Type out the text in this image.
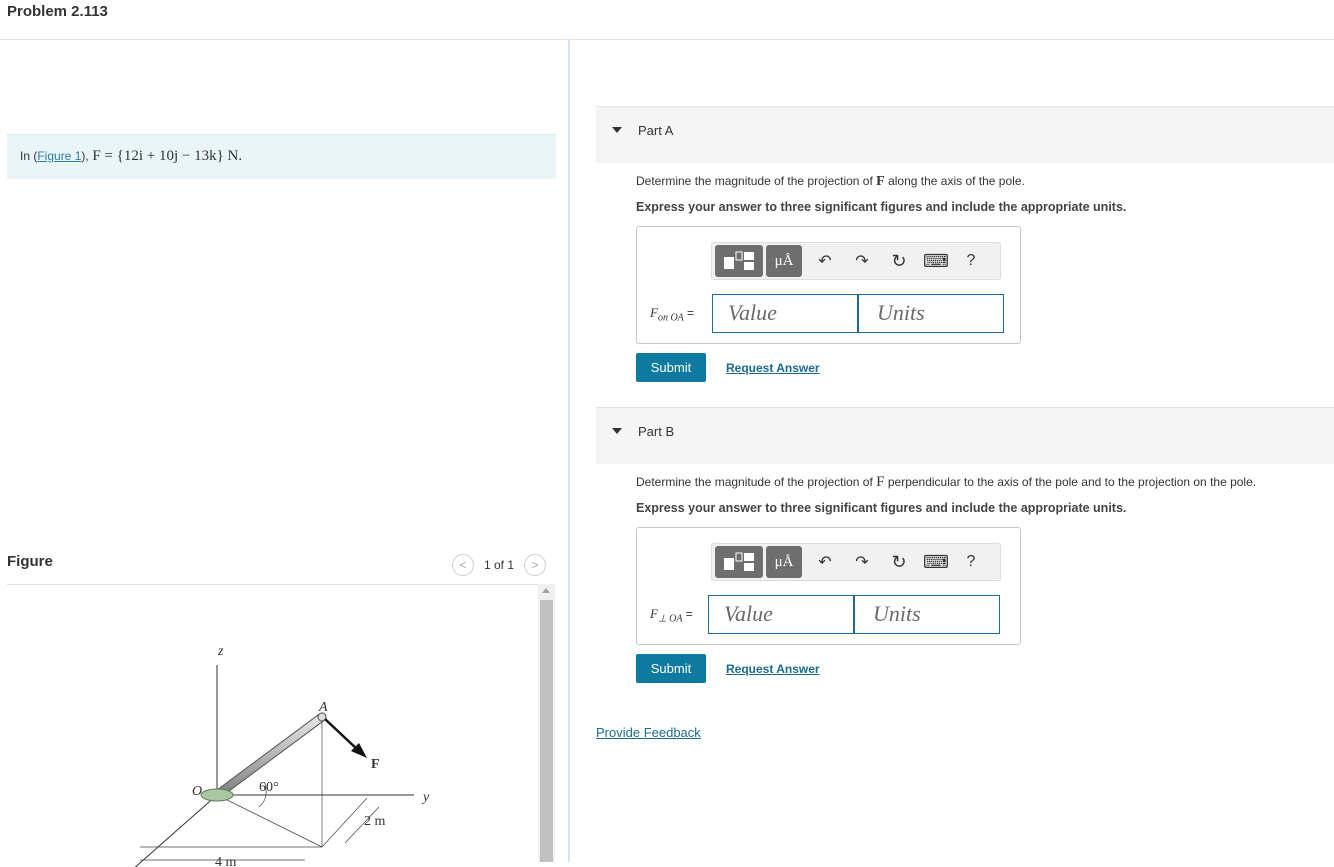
Problem 2.113
In (Figure 1), F = {12i + 10j − 13k} N.
Figure	<	1 of 1	>
z
A
F
O	60°
y
2 m
4 m
Part A
Determine the magnitude of the projection of F along the axis of the pole.
Express your answer to three significant figures and include the appropriate units.
μÅ	↶	↷	↻ ⌨	?
$F_{on OA}$ =	Value	Units
Submit	Request Answer
Part B
Determine the magnitude of the projection of F perpendicular to the axis of the pole and to the projection on the pole.
Express your answer to three significant figures and include the appropriate units.
μÅ	↶	↷	↻ ⌨	?
$F_{\perp OA}$ =	Value	Units
Submit	Request Answer
Provide Feedback
